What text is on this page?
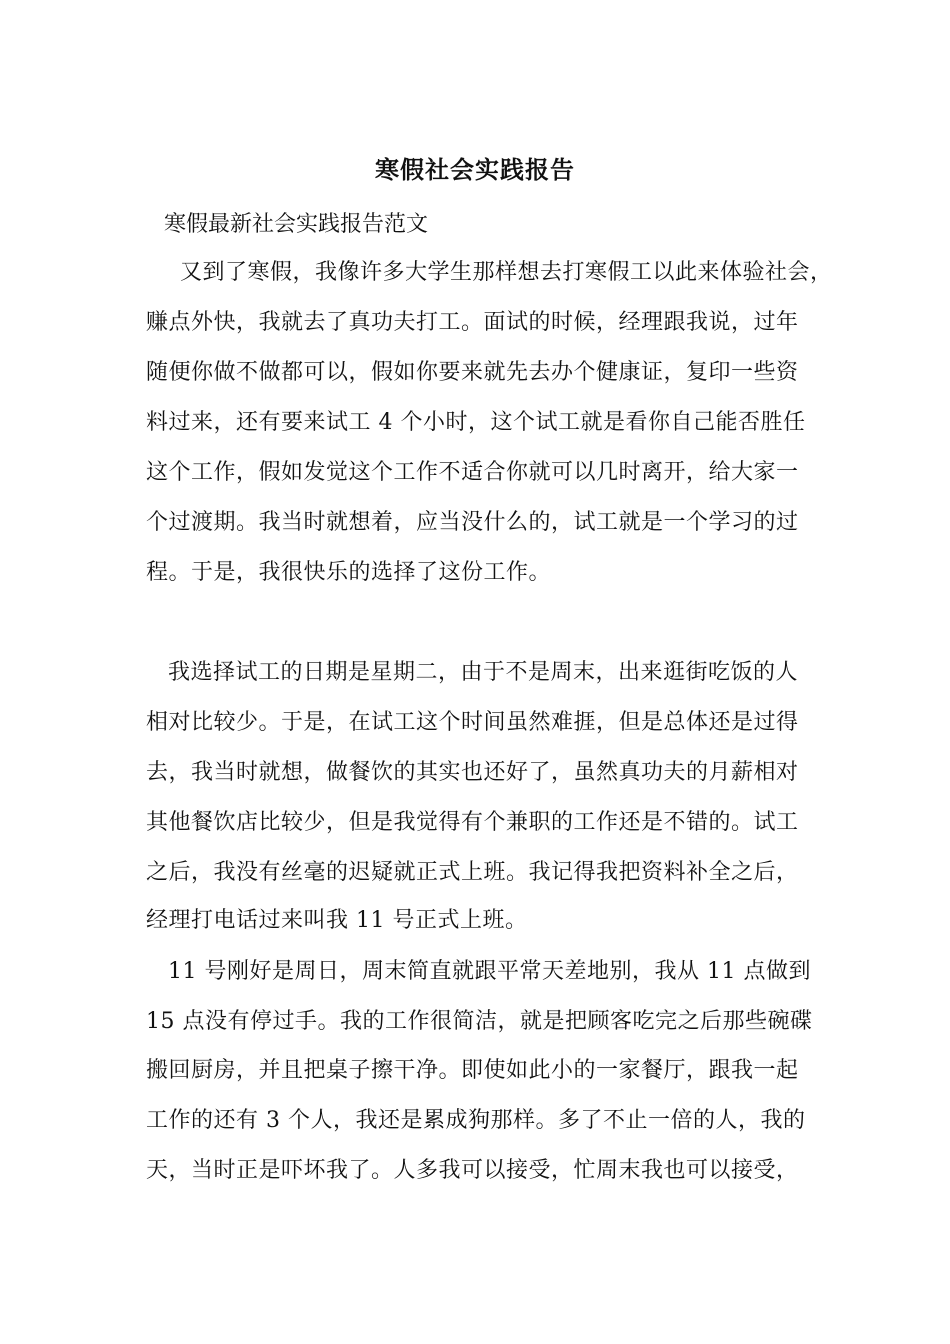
寒假社会实践报告

寒假最新社会实践报告范文

又到了寒假，我像许多大学生那样想去打寒假工以此来体验社会，
赚点外快，我就去了真功夫打工。面试的时候，经理跟我说，过年
随便你做不做都可以，假如你要来就先去办个健康证，复印一些资
料过来，还有要来试工 4 个小时，这个试工就是看你自己能否胜任
这个工作，假如发觉这个工作不适合你就可以几时离开，给大家一
个过渡期。我当时就想着，应当没什么的，试工就是一个学习的过
程。于是，我很快乐的选择了这份工作。
我选择试工的日期是星期二，由于不是周末，出来逛街吃饭的人
相对比较少。于是，在试工这个时间虽然难捱，但是总体还是过得
去，我当时就想，做餐饮的其实也还好了，虽然真功夫的月薪相对
其他餐饮店比较少，但是我觉得有个兼职的工作还是不错的。试工
之后，我没有丝毫的迟疑就正式上班。我记得我把资料补全之后，
经理打电话过来叫我 11 号正式上班。
11 号刚好是周日，周末简直就跟平常天差地别，我从 11 点做到
15 点没有停过手。我的工作很简洁，就是把顾客吃完之后那些碗碟
搬回厨房，并且把桌子擦干净。即使如此小的一家餐厅，跟我一起
工作的还有 3 个人，我还是累成狗那样。多了不止一倍的人，我的
天，当时正是吓坏我了。人多我可以接受，忙周末我也可以接受，
